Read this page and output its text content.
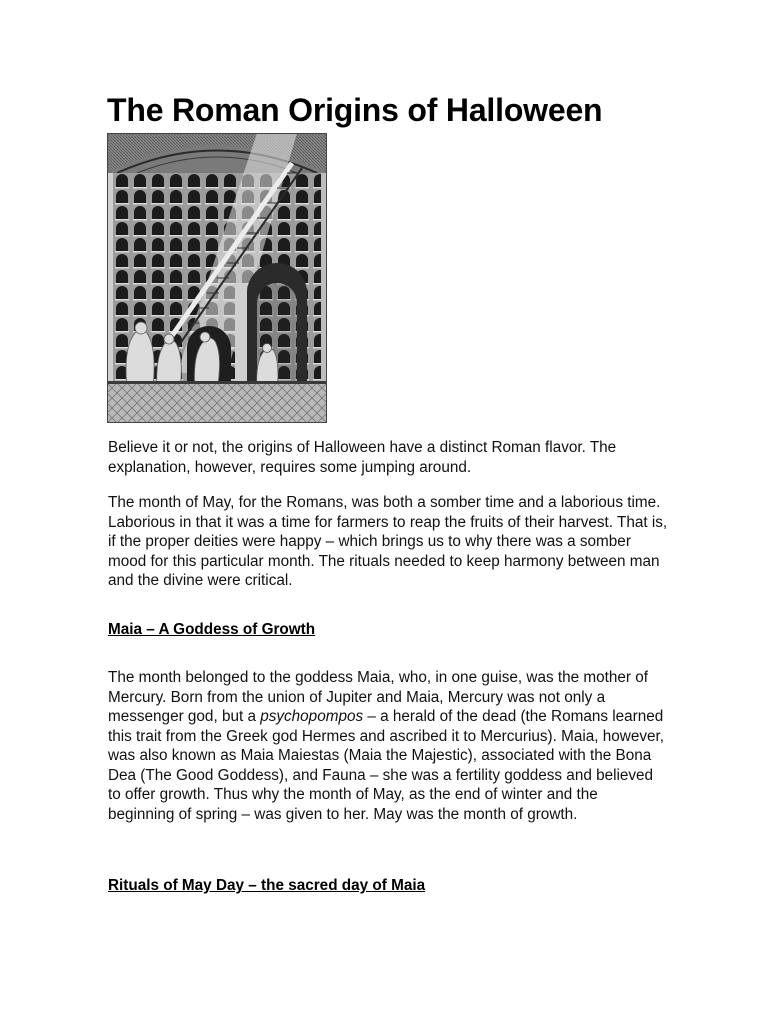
The Roman Origins of Halloween

Believe it or not, the origins of Halloween have a distinct Roman flavor. The explanation, however, requires some jumping around.

The month of May, for the Romans, was both a somber time and a laborious time. Laborious in that it was a time for farmers to reap the fruits of their harvest. That is, if the proper deities were happy – which brings us to why there was a somber mood for this particular month. The rituals needed to keep harmony between man and the divine were critical.

Maia – A Goddess of Growth

The month belonged to the goddess Maia, who, in one guise, was the mother of Mercury. Born from the union of Jupiter and Maia, Mercury was not only a messenger god, but a psychopompos – a herald of the dead (the Romans learned this trait from the Greek god Hermes and ascribed it to Mercurius). Maia, however, was also known as Maia Maiestas (Maia the Majestic), associated with the Bona Dea (The Good Goddess), and Fauna – she was a fertility goddess and believed to offer growth. Thus why the month of May, as the end of winter and the beginning of spring – was given to her. May was the month of growth.

Rituals of May Day – the sacred day of Maia
